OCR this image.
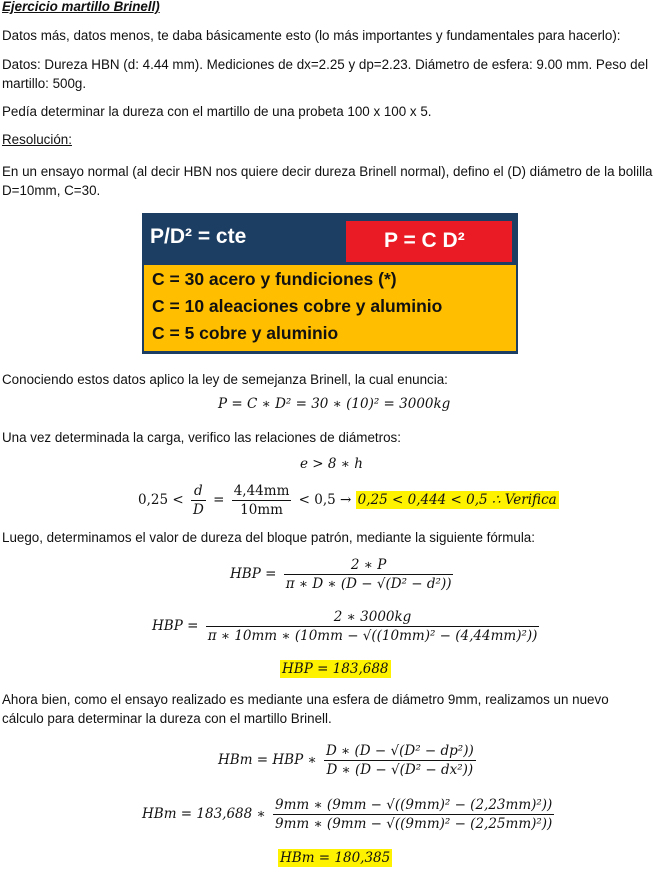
Ejercicio martillo Brinell)
Datos más, datos menos, te daba básicamente esto (lo más importantes y fundamentales para hacerlo):
Datos: Dureza HBN (d: 4.44 mm). Mediciones de dx=2.25 y dp=2.23. Diámetro de esfera: 9.00 mm. Peso del martillo: 500g.
Pedía determinar la dureza con el martillo de una probeta 100 x 100 x 5.
Resolución:
En un ensayo normal (al decir HBN nos quiere decir dureza Brinell normal), defino el (D) diámetro de la bolilla D=10mm, C=30.
P/D² = cte	P = C D²
C = 30 acero y fundiciones (*)
C = 10 aleaciones cobre y aluminio
C = 5 cobre y aluminio
Conociendo estos datos aplico la ley de semejanza Brinell, la cual enuncia:
P = C ∗ D² = 30 ∗ (10)² = 3000kg
Una vez determinada la carga, verifico las relaciones de diámetros:
e > 8 ∗ h
$0,25 < \frac{d}{D} = \frac{4,44mm}{10mm} < 0,5 \to 0,25 < 0,444 < 0,5$ ∴ Verifica
Luego, determinamos el valor de dureza del bloque patrón, mediante la siguiente fórmula:
HBP = $\frac{2 ∗ P}{\text{π ∗ D ∗ (D − √(D² − d²))}}$
HBP = $\frac{2 ∗ 3000kg}{\text{π ∗ 10mm ∗ (10mm − √((10mm)² − (4,44mm)²))}}$
HBP = 183,688
Ahora bien, como el ensayo realizado es mediante una esfera de diámetro 9mm, realizamos un nuevo cálculo para determinar la dureza con el martillo Brinell.
HBm = HBP ∗ $\frac{\text{D ∗ (D − √(D² − dp²))}}{\text{D ∗ (D − √(D² − dx²))}}$
HBm = 183,688 ∗ $\frac{\text{9mm ∗ (9mm − √((9mm)² − (2,23mm)²))}}{\text{9mm ∗ (9mm − √((9mm)² − (2,25mm)²))}}$
HBm = 180,385
